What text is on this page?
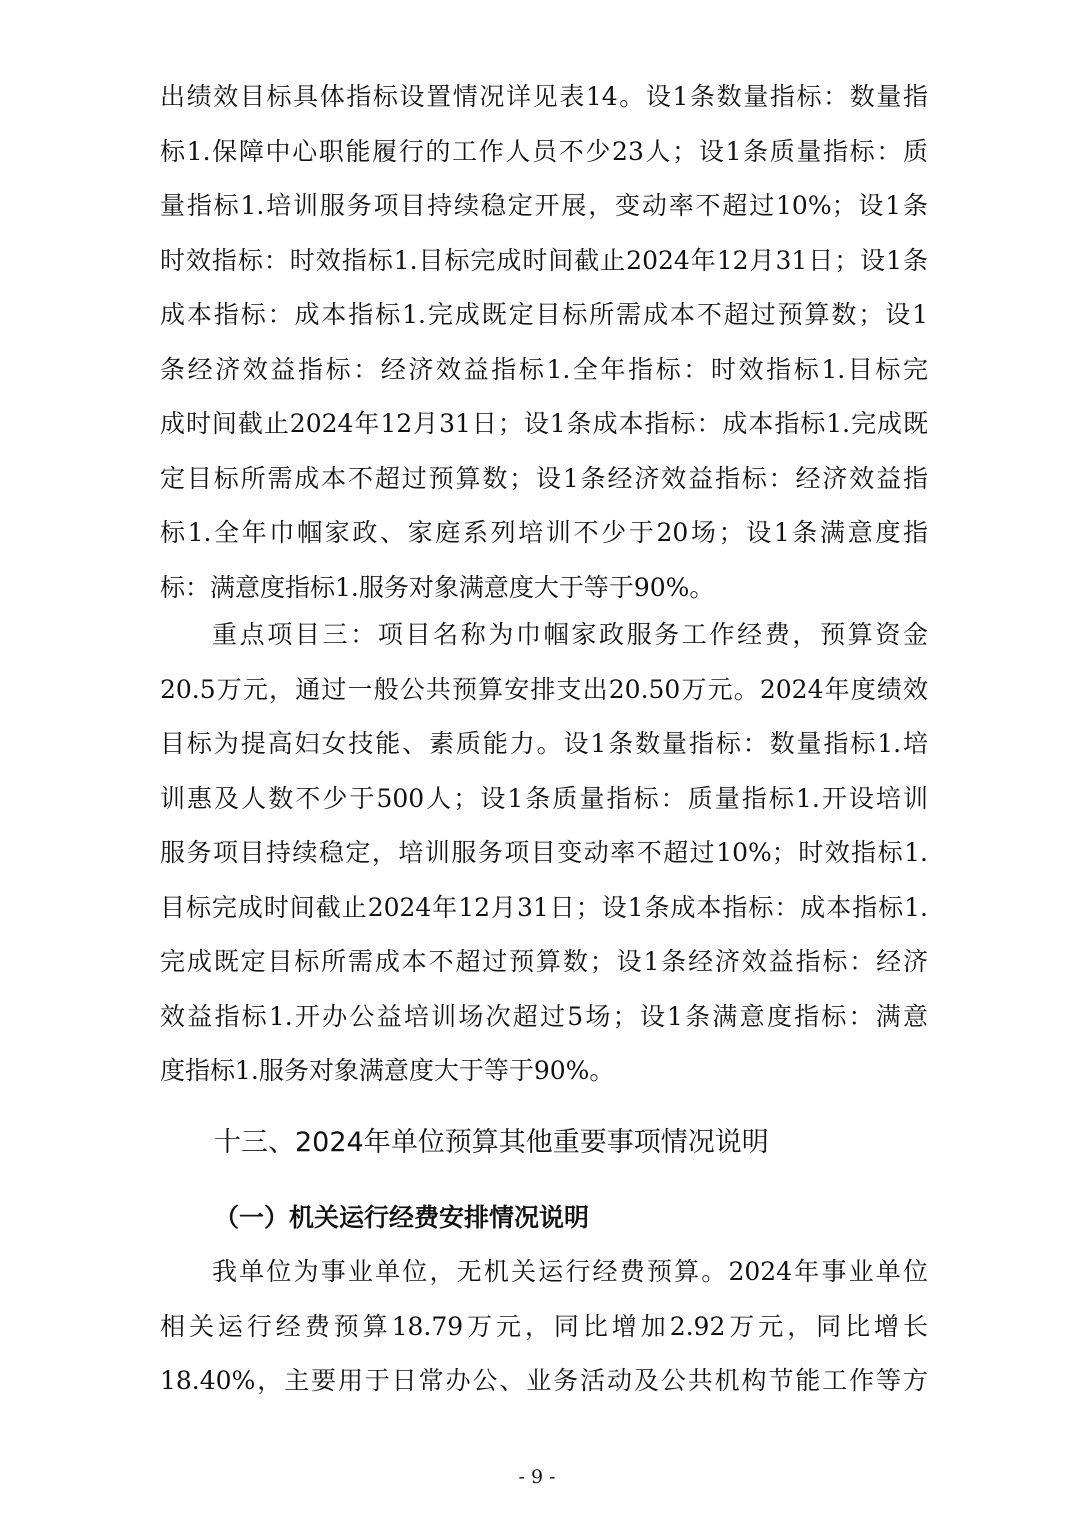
出绩效目标具体指标设置情况详见表14。设1条数量指标：数量指
标1.保障中心职能履行的工作人员不少23人；设1条质量指标：质
量指标1.培训服务项目持续稳定开展，变动率不超过10%；设1条
时效指标：时效指标1.目标完成时间截止2024年12月31日；设1条
成本指标：成本指标1.完成既定目标所需成本不超过预算数；设1
条经济效益指标：经济效益指标1.全年指标：时效指标1.目标完
成时间截止2024年12月31日；设1条成本指标：成本指标1.完成既
定目标所需成本不超过预算数；设1条经济效益指标：经济效益指
标1.全年巾帼家政、家庭系列培训不少于20场；设1条满意度指
标：满意度指标1.服务对象满意度大于等于90%。

重点项目三：项目名称为巾帼家政服务工作经费，预算资金
20.5万元，通过一般公共预算安排支出20.50万元。2024年度绩效
目标为提高妇女技能、素质能力。设1条数量指标：数量指标1.培
训惠及人数不少于500人；设1条质量指标：质量指标1.开设培训
服务项目持续稳定，培训服务项目变动率不超过10%；时效指标1.
目标完成时间截止2024年12月31日；设1条成本指标：成本指标1.
完成既定目标所需成本不超过预算数；设1条经济效益指标：经济
效益指标1.开办公益培训场次超过5场；设1条满意度指标：满意
度指标1.服务对象满意度大于等于90%。

十三、2024年单位预算其他重要事项情况说明
（一）机关运行经费安排情况说明

我单位为事业单位，无机关运行经费预算。2024年事业单位
相关运行经费预算18.79万元，同比增加2.92万元，同比增长
18.40%，主要用于日常办公、业务活动及公共机构节能工作等方

- 9 -
